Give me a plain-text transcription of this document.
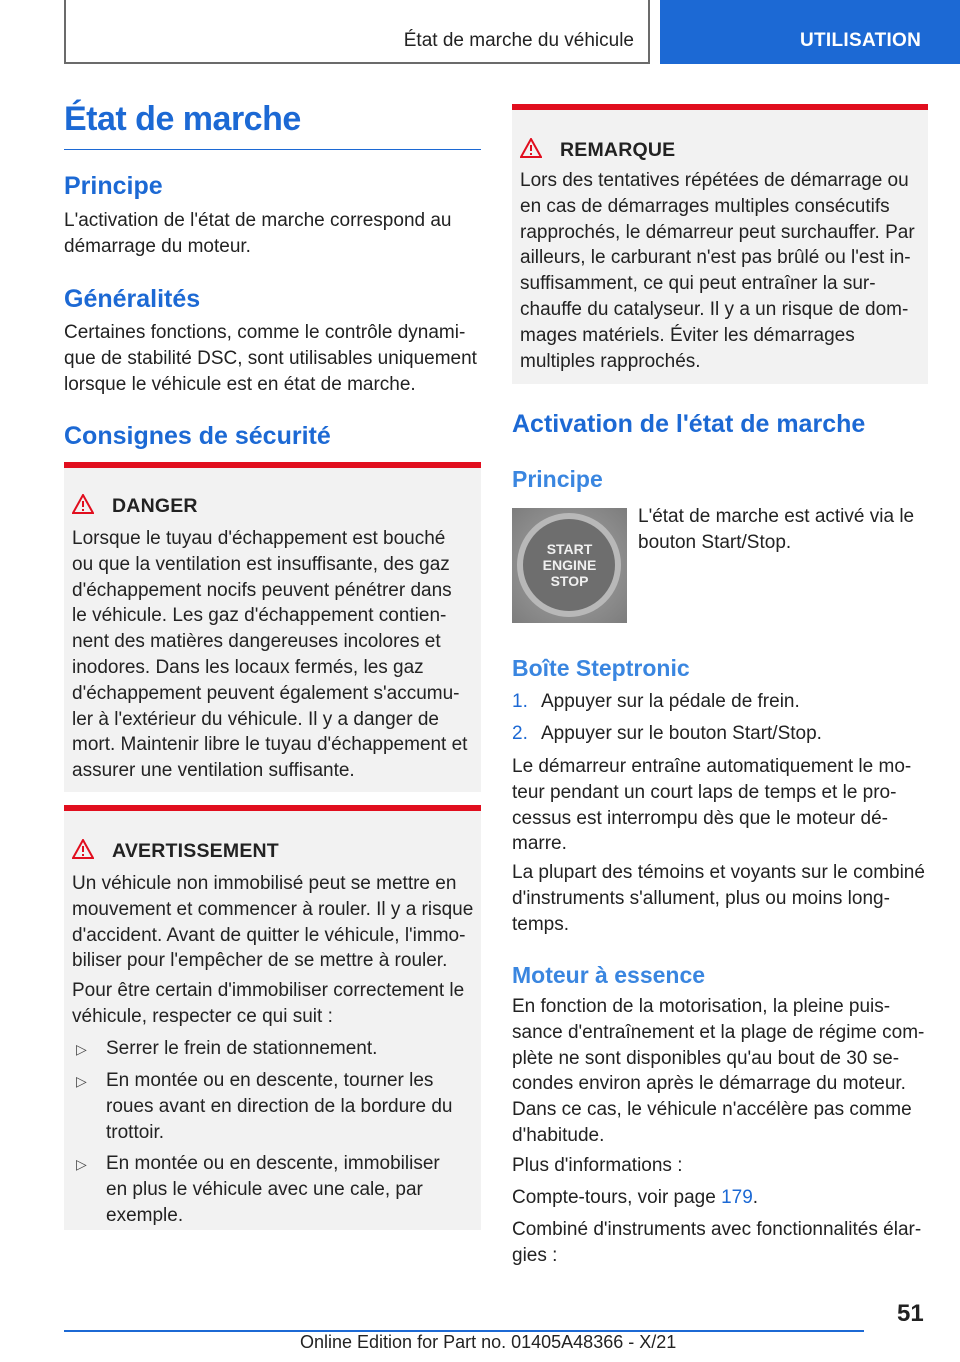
État de marche du véhicule	UTILISATION
État de marche
Principe
L'activation de l'état de marche correspond au
démarrage du moteur.
Généralités
Certaines fonctions, comme le contrôle dynami‐
que de stabilité DSC, sont utilisables uniquement
lorsque le véhicule est en état de marche.
Consignes de sécurité
DANGER
Lorsque le tuyau d'échappement est bouché
ou que la ventilation est insuffisante, des gaz
d'échappement nocifs peuvent pénétrer dans
le véhicule. Les gaz d'échappement contien‐
nent des matières dangereuses incolores et
inodores. Dans les locaux fermés, les gaz
d'échappement peuvent également s'accumu‐
ler à l'extérieur du véhicule. Il y a danger de
mort. Maintenir libre le tuyau d'échappement et
assurer une ventilation suffisante.
AVERTISSEMENT
Un véhicule non immobilisé peut se mettre en
mouvement et commencer à rouler. Il y a risque
d'accident. Avant de quitter le véhicule, l'immo‐
biliser pour l'empêcher de se mettre à rouler.
Pour être certain d'immobiliser correctement le
véhicule, respecter ce qui suit :
▷ Serrer le frein de stationnement.
▷ En montée ou en descente, tourner les
roues avant en direction de la bordure du
trottoir.
▷ En montée ou en descente, immobiliser
en plus le véhicule avec une cale, par
exemple.
REMARQUE
Lors des tentatives répétées de démarrage ou
en cas de démarrages multiples consécutifs
rapprochés, le démarreur peut surchauffer. Par
ailleurs, le carburant n'est pas brûlé ou l'est in‐
suffisamment, ce qui peut entraîner la sur‐
chauffe du catalyseur. Il y a un risque de dom‐
mages matériels. Éviter les démarrages
multiples rapprochés.
Activation de l'état de marche
Principe
START
ENGINE
STOP
L'état de marche est activé via le
bouton Start/Stop.
Boîte Steptronic
1. Appuyer sur la pédale de frein.
2. Appuyer sur le bouton Start/Stop.
Le démarreur entraîne automatiquement le mo‐
teur pendant un court laps de temps et le pro‐
cessus est interrompu dès que le moteur dé‐
marre.
La plupart des témoins et voyants sur le combiné
d'instruments s'allument, plus ou moins long‐
temps.
Moteur à essence
En fonction de la motorisation, la pleine puis‐
sance d'entraînement et la plage de régime com‐
plète ne sont disponibles qu'au bout de 30 se‐
condes environ après le démarrage du moteur.
Dans ce cas, le véhicule n'accélère pas comme
d'habitude.
Plus d'informations :
Compte-tours, voir page 179.
Combiné d'instruments avec fonctionnalités élar‐
gies :
51
Online Edition for Part no. 01405A48366 - X/21
